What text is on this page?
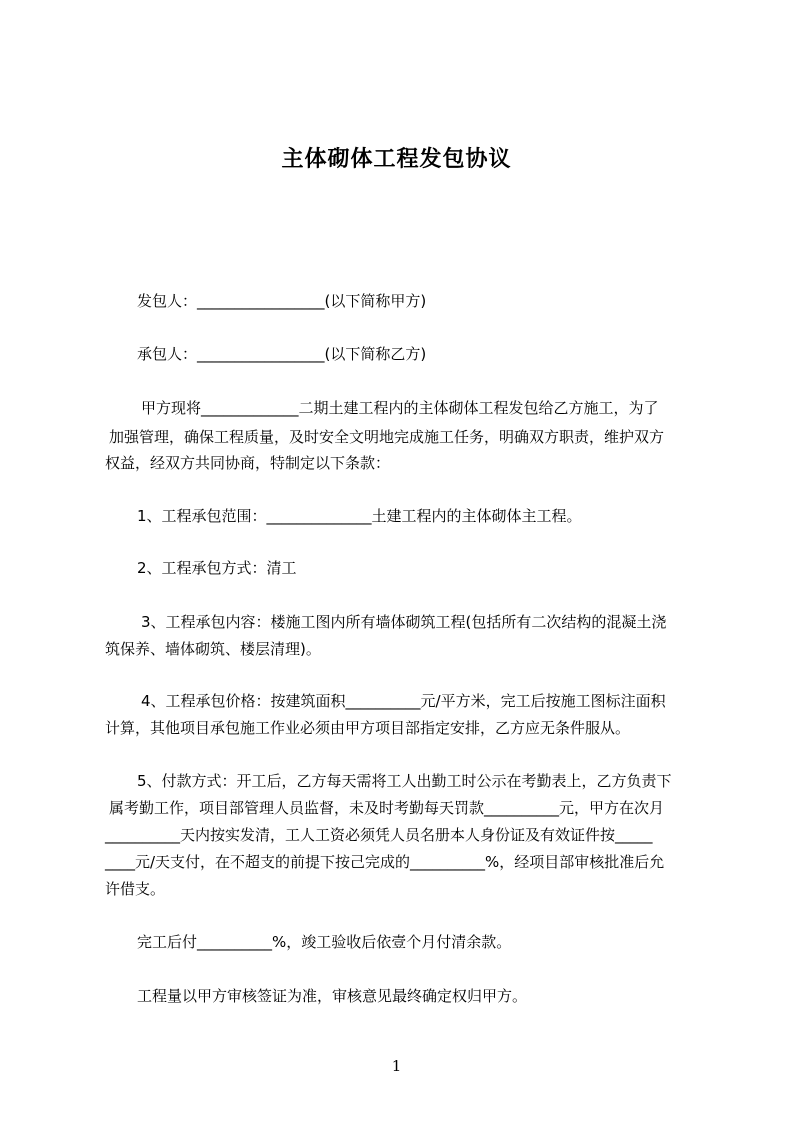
主体砌体工程发包协议
发包人：_________________(以下简称甲方)
承包人：_________________(以下简称乙方)
甲方现将_____________二期土建工程内的主体砌体工程发包给乙方施工，为了
加强管理，确保工程质量，及时安全文明地完成施工任务，明确双方职责，维护双方
权益，经双方共同协商，特制定以下条款：
1、工程承包范围：______________土建工程内的主体砌体主工程。
2、工程承包方式：清工
3、工程承包内容：楼施工图内所有墙体砌筑工程(包括所有二次结构的混凝土浇
筑保养、墙体砌筑、楼层清理)。
4、工程承包价格：按建筑面积__________元/平方米，完工后按施工图标注面积
计算，其他项目承包施工作业必须由甲方项目部指定安排，乙方应无条件服从。
5、付款方式：开工后，乙方每天需将工人出勤工时公示在考勤表上，乙方负责下
属考勤工作，项目部管理人员监督，未及时考勤每天罚款__________元，甲方在次月
__________天内按实发清，工人工资必须凭人员名册本人身份证及有效证件按_____
____元/天支付，在不超支的前提下按己完成的__________%，经项目部审核批准后允
许借支。
完工后付__________%，竣工验收后依壹个月付清余款。
工程量以甲方审核签证为准，审核意见最终确定权归甲方。
1
